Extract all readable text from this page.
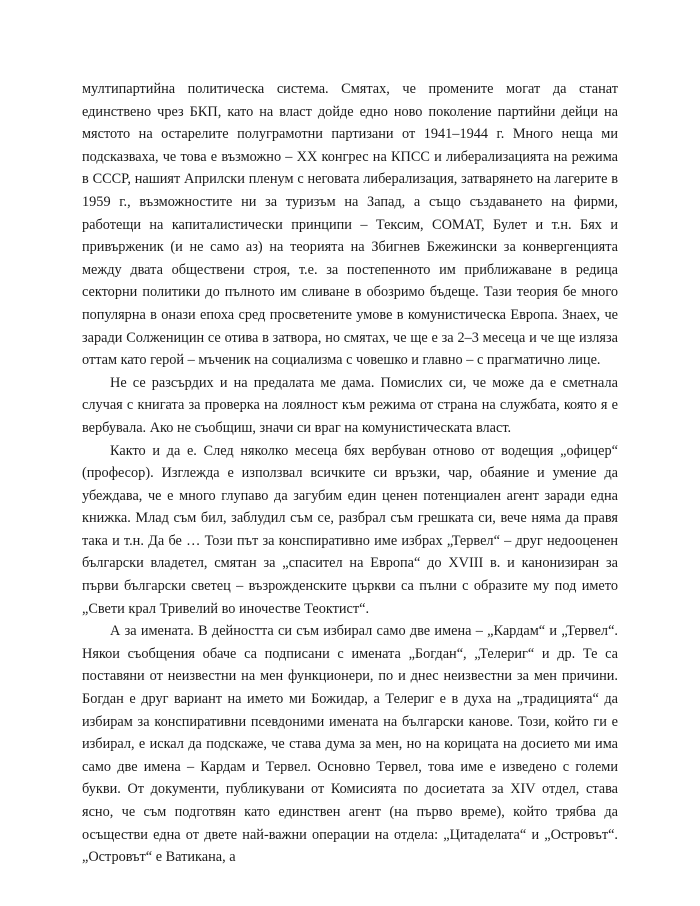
мултипартийна политическа система. Смятах, че промените могат да станат единствено чрез БКП, като на власт дойде едно ново поколение партийни дейци на мястото на остарелите полуграмотни партизани от 1941–1944 г. Много неща ми подсказваха, че това е възможно – XX конгрес на КПСС и либерализацията на режима в СССР, нашият Априлски пленум с неговата либерализация, затварянето на лагерите в 1959 г., възможностите ни за туризъм на Запад, а също създаването на фирми, работещи на капиталистически принципи – Тексим, СОМАТ, Булет и т.н. Бях и привърженик (и не само аз) на теорията на Збигнев Бжежински за конвергенцията между двата обществени строя, т.е. за постепенното им приближаване в редица секторни политики до пълното им сливане в обозримо бъдеще. Тази теория бе много популярна в онази епоха сред просветените умове в комунистическа Европа. Знаех, че заради Солженицин се отива в затвора, но смятах, че ще е за 2–3 месеца и че ще изляза оттам като герой – мъченик на социализма с човешко и главно – с прагматично лице.

Не се разсърдих и на предалата ме дама. Помислих си, че може да е сметнала случая с книгата за проверка на лоялност към режима от страна на службата, която я е вербувала. Ако не съобщиш, значи си враг на комунистическата власт.

Както и да е. След няколко месеца бях вербуван отново от водещия „офицер“ (професор). Изглежда е използвал всичките си връзки, чар, обаяние и умение да убеждава, че е много глупаво да загубим един ценен потенциален агент заради една книжка. Млад съм бил, заблудил съм се, разбрал съм грешката си, вече няма да правя така и т.н. Да бе … Този път за конспиративно име избрах „Тервел“ – друг недооценен български владетел, смятан за „спасител на Европа“ до XVIII в. и канонизиран за първи български светец – възрожденските църкви са пълни с образите му под името „Свети крал Тривелий во иночестве Теоктист“.

А за имената. В дейността си съм избирал само две имена – „Кардам“ и „Тервел“. Някои съобщения обаче са подписани с имената „Богдан“, „Телериг“ и др. Те са поставяни от неизвестни на мен функционери, по и днес неизвестни за мен причини. Богдан е друг вариант на името ми Божидар, а Телериг е в духа на „традицията“ да избирам за конспиративни псевдоними имената на български канове. Този, който ги е избирал, е искал да подскаже, че става дума за мен, но на корицата на досието ми има само две имена – Кардам и Тервел. Основно Тервел, това име е изведено с големи букви. От документи, публикувани от Комисията по досиетата за XIV отдел, става ясно, че съм подготвян като единствен агент (на първо време), който трябва да осъществи една от двете най-важни операции на отдела: „Цитаделата“ и „Островът“. „Островът“ е Ватикана, а
